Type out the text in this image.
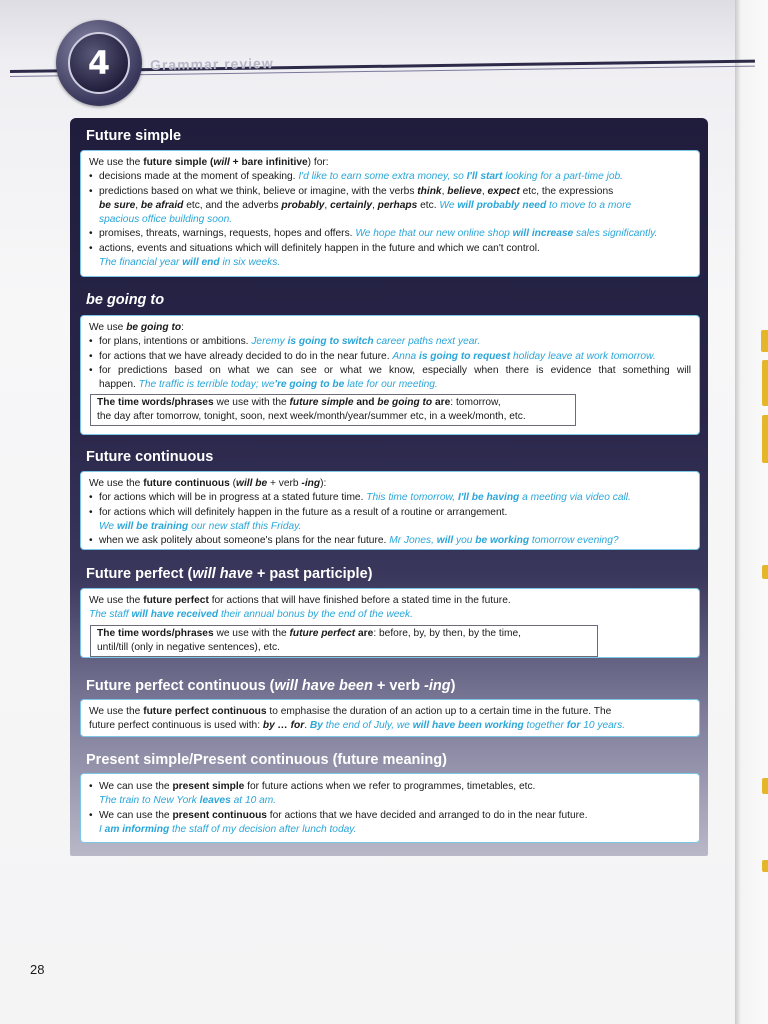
Grammar review
4
Future simple
We use the future simple (will + bare infinitive) for:
• decisions made at the moment of speaking. I'd like to earn some extra money, so I'll start looking for a part-time job.
• predictions based on what we think, believe or imagine, with the verbs think, believe, expect etc, the expressions
be sure, be afraid etc, and the adverbs probably, certainly, perhaps etc. We will probably need to move to a more
spacious office building soon.
• promises, threats, warnings, requests, hopes and offers. We hope that our new online shop will increase sales significantly.
• actions, events and situations which will definitely happen in the future and which we can't control.
The financial year will end in six weeks.
be going to
We use be going to:
• for plans, intentions or ambitions. Jeremy is going to switch career paths next year.
• for actions that we have already decided to do in the near future. Anna is going to request holiday leave at work tomorrow.
• for predictions based on what we can see or what we know, especially when there is evidence that something will
happen. The traffic is terrible today; we're going to be late for our meeting.
The time words/phrases we use with the future simple and be going to are: tomorrow,
the day after tomorrow, tonight, soon, next week/month/year/summer etc, in a week/month, etc.
Future continuous
We use the future continuous (will be + verb -ing):
• for actions which will be in progress at a stated future time. This time tomorrow, I'll be having a meeting via video call.
• for actions which will definitely happen in the future as a result of a routine or arrangement.
We will be training our new staff this Friday.
• when we ask politely about someone's plans for the near future. Mr Jones, will you be working tomorrow evening?
Future perfect (will have + past participle)
We use the future perfect for actions that will have finished before a stated time in the future.
The staff will have received their annual bonus by the end of the week.
The time words/phrases we use with the future perfect are: before, by, by then, by the time,
until/till (only in negative sentences), etc.
Future perfect continuous (will have been + verb -ing)
We use the future perfect continuous to emphasise the duration of an action up to a certain time in the future. The
future perfect continuous is used with: by … for. By the end of July, we will have been working together for 10 years.
Present simple/Present continuous (future meaning)
• We can use the present simple for future actions when we refer to programmes, timetables, etc.
The train to New York leaves at 10 am.
• We can use the present continuous for actions that we have decided and arranged to do in the near future.
I am informing the staff of my decision after lunch today.
28
